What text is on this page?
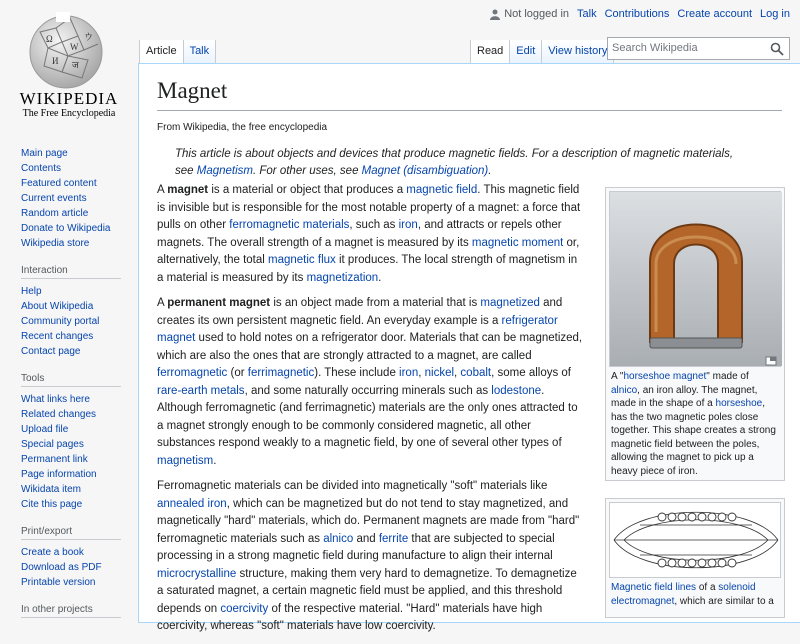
Ω
W
И ज
ウ
WIKIPEDIA
The Free Encyclopedia
Not logged in Talk Contributions Create account Log in
Article	Talk	Read	Edit	View history Search Wikipedia
Main page
Contents
Featured content
Current events
Random article
Donate to Wikipedia
Wikipedia store
Interaction
Help
About Wikipedia
Community portal
Recent changes
Contact page
Tools
What links here
Related changes
Upload file
Special pages
Permanent link
Page information
Wikidata item
Cite this page
Print/export
Create a book
Download as PDF
Printable version
In other projects
Magnet
From Wikipedia, the free encyclopedia
This article is about objects and devices that produce magnetic fields. For a description of magnetic materials, see Magnetism. For other uses, see Magnet (disambiguation).

A magnet is a material or object that produces a magnetic field. This magnetic field is invisible but is responsible for the most notable property of a magnet: a force that pulls on other ferromagnetic materials, such as iron, and attracts or repels other magnets. The overall strength of a magnet is measured by its magnetic moment or, alternatively, the total magnetic flux it produces. The local strength of magnetism in a material is measured by its magnetization.

A permanent magnet is an object made from a material that is magnetized and creates its own persistent magnetic field. An everyday example is a refrigerator magnet used to hold notes on a refrigerator door. Materials that can be magnetized, which are also the ones that are strongly attracted to a magnet, are called ferromagnetic (or ferrimagnetic). These include iron, nickel, cobalt, some alloys of rare-earth metals, and some naturally occurring minerals such as lodestone. Although ferromagnetic (and ferrimagnetic) materials are the only ones attracted to a magnet strongly enough to be commonly considered magnetic, all other substances respond weakly to a magnetic field, by one of several other types of magnetism.

Ferromagnetic materials can be divided into magnetically "soft" materials like annealed iron, which can be magnetized but do not tend to stay magnetized, and magnetically "hard" materials, which do. Permanent magnets are made from "hard" ferromagnetic materials such as alnico and ferrite that are subjected to special processing in a strong magnetic field during manufacture to align their internal microcrystalline structure, making them very hard to demagnetize. To demagnetize a saturated magnet, a certain magnetic field must be applied, and this threshold depends on coercivity of the respective material. "Hard" materials have high coercivity, whereas "soft" materials have low coercivity.

A "horseshoe magnet" made of alnico, an iron alloy. The magnet, made in the shape of a horseshoe, has the two magnetic poles close together. This shape creates a strong magnetic field between the poles, allowing the magnet to pick up a heavy piece of iron.
Magnetic field lines of a solenoid electromagnet, which are similar to a
